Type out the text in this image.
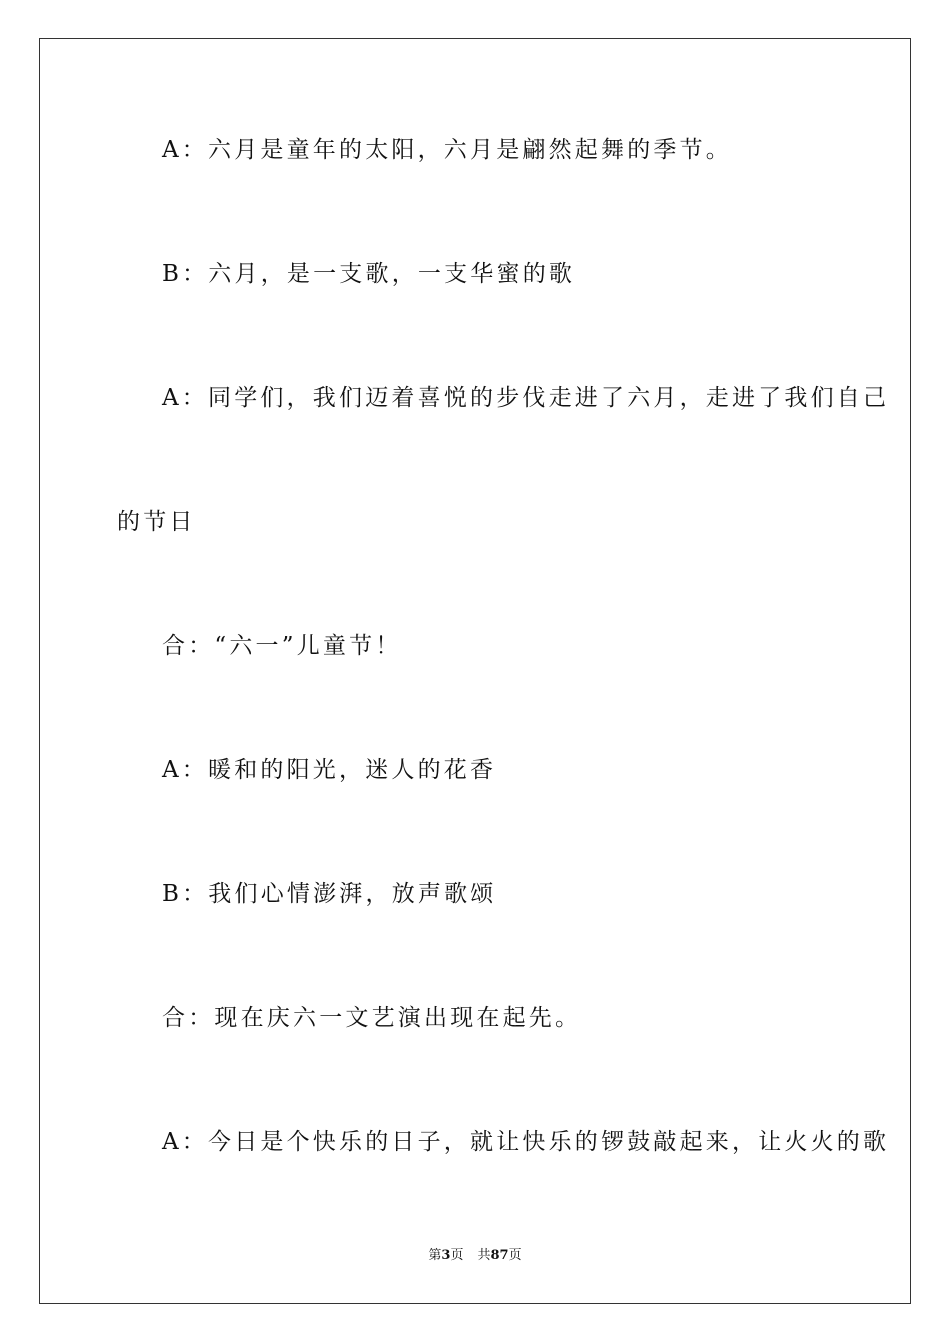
A：六月是童年的太阳，六月是翩然起舞的季节。
B：六月，是一支歌，一支华蜜的歌
A：同学们，我们迈着喜悦的步伐走进了六月，走进了我们自己
的节日
合：“六一”儿童节！
A：暖和的阳光，迷人的花香
B：我们心情澎湃，放声歌颂
合：现在庆六一文艺演出现在起先。
A：今日是个快乐的日子，就让快乐的锣鼓敲起来，让火火的歌
第3页 共87页
